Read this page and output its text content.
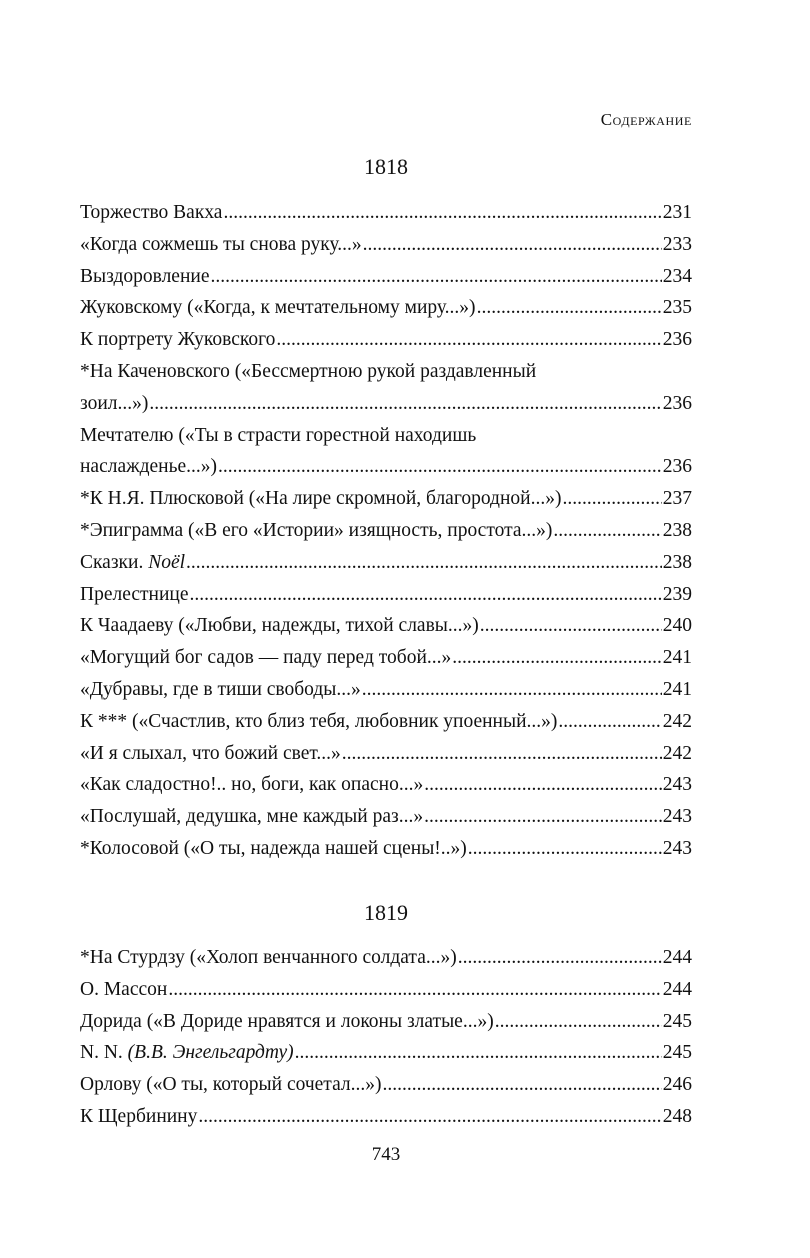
Содержание
1818
Торжество Вакха .....	231
«Когда сожмешь ты снова руку...» .....	233
Выздоровление .....	234
Жуковскому («Когда, к мечтательному миру...») .....	235
К портрету Жуковского .....	236
*На Каченовского («Бессмертною рукой раздавленный
зоил...») .....	236
Мечтателю («Ты в страсти горестной находишь
наслажденье...») .....	236
*К Н.Я. Плюсковой («На лире скромной, благородной...») .....	237
*Эпиграмма («В его «Истории» изящность, простота...») .....	238
Сказки. Noël .....	238
Прелестнице .....	239
К Чаадаеву («Любви, надежды, тихой славы...») .....	240
«Могущий бог садов — паду перед тобой...» .....	241
«Дубравы, где в тиши свободы...» .....	241
К *** («Счастлив, кто близ тебя, любовник упоенный...») .....	242
«И я слыхал, что божий свет...» .....	242
«Как сладостно!.. но, боги, как опасно...» .....	243
«Послушай, дедушка, мне каждый раз...» .....	243
*Колосовой («О ты, надежда нашей сцены!..») .....	243
1819
*На Стурдзу («Холоп венчанного солдата...») .....	244
О. Массон .....	244
Дорида («В Дориде нравятся и локоны златые...») .....	245
N. N. (В.В. Энгельгардту) .....	245
Орлову («О ты, который сочетал...») .....	246
К Щербинину .....	248
743
